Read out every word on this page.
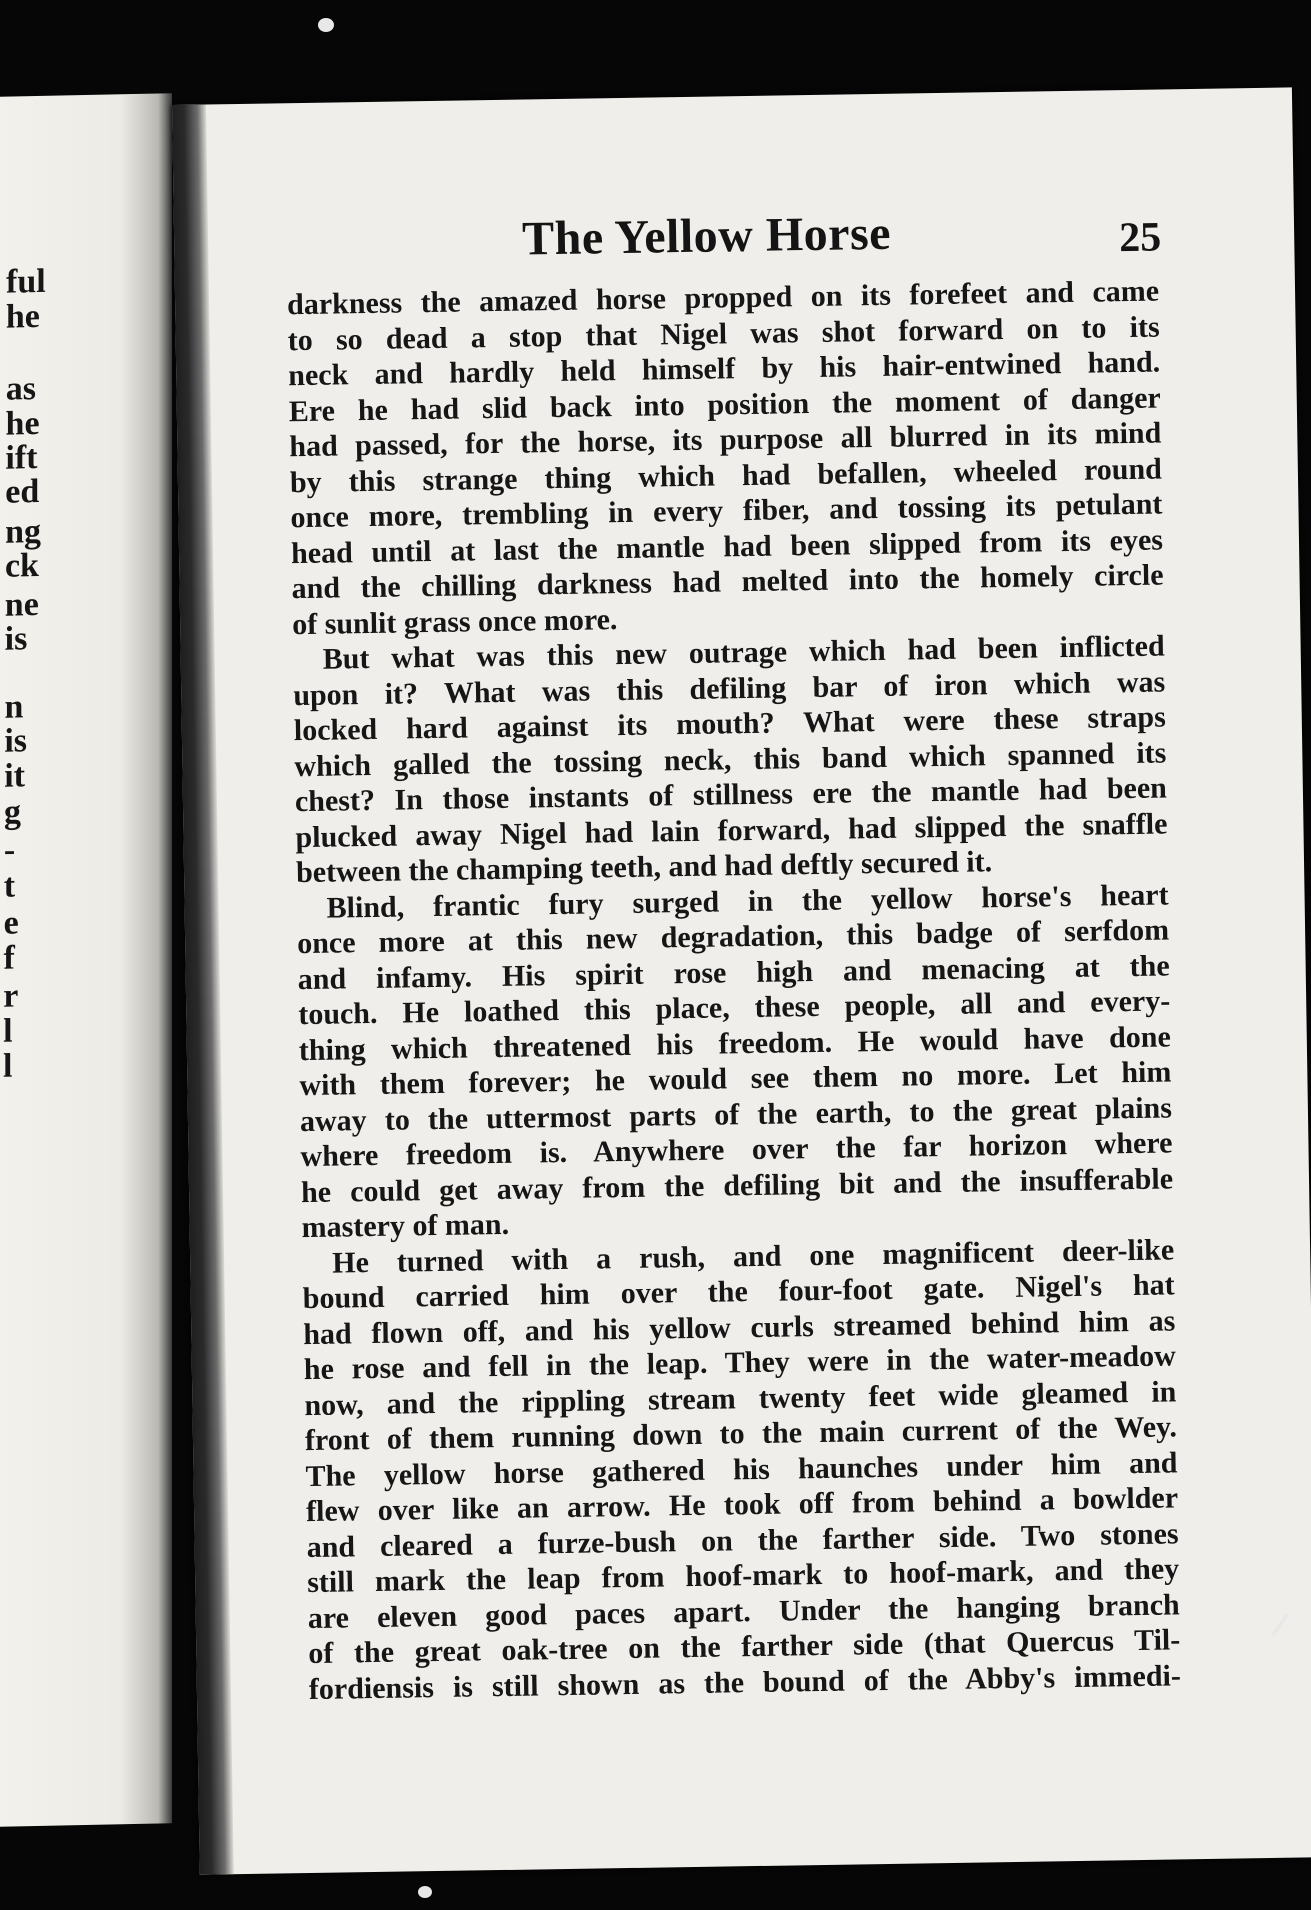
ful
he
as
he
ift
ed
ng
ck
ne
is
n
is
it
g
-
t
e
f
r
l
l
The Yellow Horse	25
darkness the amazed horse propped on its forefeet and came
to so dead a stop that Nigel was shot forward on to its
neck and hardly held himself by his hair-entwined hand.
Ere he had slid back into position the moment of danger
had passed, for the horse, its purpose all blurred in its mind
by this strange thing which had befallen, wheeled round
once more, trembling in every fiber, and tossing its petulant
head until at last the mantle had been slipped from its eyes
and the chilling darkness had melted into the homely circle
of sunlit grass once more.
But what was this new outrage which had been inflicted
upon it? What was this defiling bar of iron which was
locked hard against its mouth? What were these straps
which galled the tossing neck, this band which spanned its
chest? In those instants of stillness ere the mantle had been
plucked away Nigel had lain forward, had slipped the snaffle
between the champing teeth, and had deftly secured it.
Blind, frantic fury surged in the yellow horse's heart
once more at this new degradation, this badge of serfdom
and infamy. His spirit rose high and menacing at the
touch. He loathed this place, these people, all and every-
thing which threatened his freedom. He would have done
with them forever; he would see them no more. Let him
away to the uttermost parts of the earth, to the great plains
where freedom is. Anywhere over the far horizon where
he could get away from the defiling bit and the insufferable
mastery of man.
He turned with a rush, and one magnificent deer-like
bound carried him over the four-foot gate. Nigel's hat
had flown off, and his yellow curls streamed behind him as
he rose and fell in the leap. They were in the water-meadow
now, and the rippling stream twenty feet wide gleamed in
front of them running down to the main current of the Wey.
The yellow horse gathered his haunches under him and
flew over like an arrow. He took off from behind a bowlder
and cleared a furze-bush on the farther side. Two stones
still mark the leap from hoof-mark to hoof-mark, and they
are eleven good paces apart. Under the hanging branch
of the great oak-tree on the farther side (that Quercus Til-
fordiensis is still shown as the bound of the Abby's immedi-
